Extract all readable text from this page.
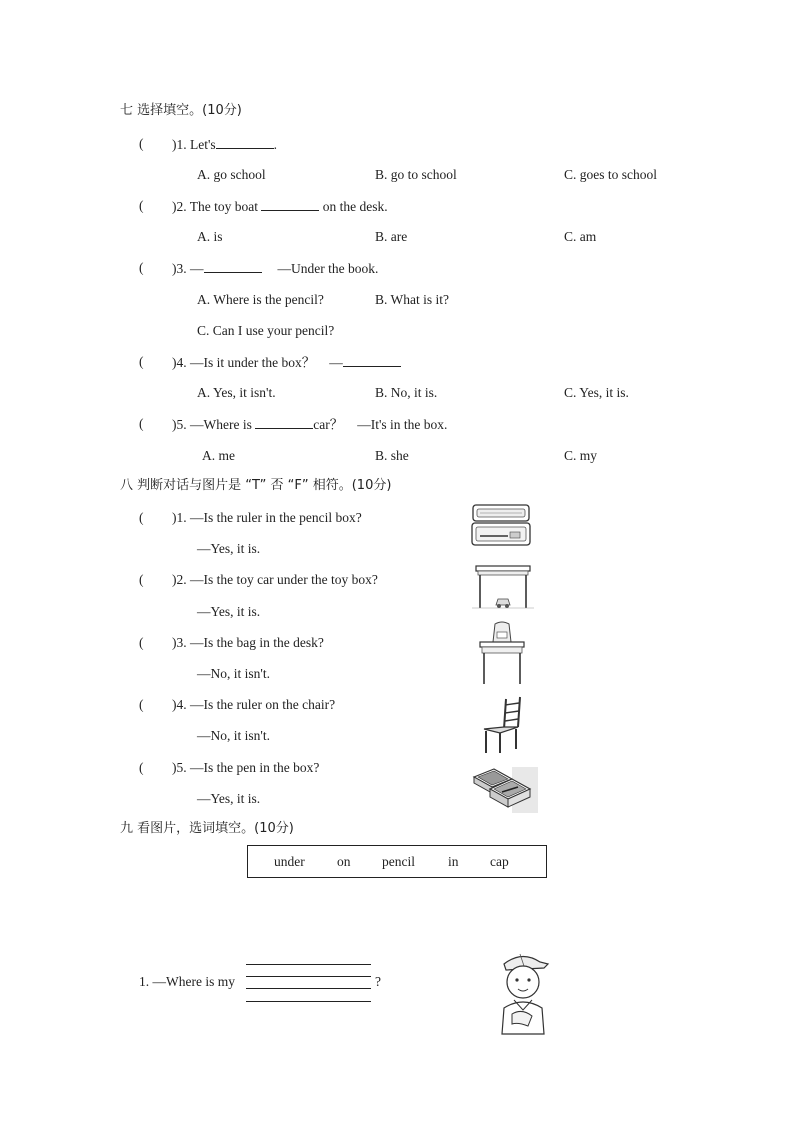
七 选择填空。(10分)
( )1. Let's	.
A. go school	B. go to school	C. goes to school
( )2. The toy boat	on the desk.
A. is	B. are	C. am
( )3. —	—Under the book.
A. Where is the pencil?	B. What is it?
C. Can I use your pencil?
( )4. —Is it under the box？ —
A. Yes, it isn't.	B. No, it is.	C. Yes, it is.
( )5. —Where is	car？ —It's in the box.
A. me	B. she	C. my
八 判断对话与图片是 “T” 否 “F” 相符。(10分)
( )1. —Is the ruler in the pencil box?
—Yes, it is.
( )2. —Is the toy car under the toy box?
—Yes, it is.
( )3. —Is the bag in the desk?
—No, it isn't.
( )4. —Is the ruler on the chair?
—No, it isn't.
( )5. —Is the pen in the box?
—Yes, it is.
九 看图片，选词填空。(10分)
under on pencil in cap
1. —Where is my	?
